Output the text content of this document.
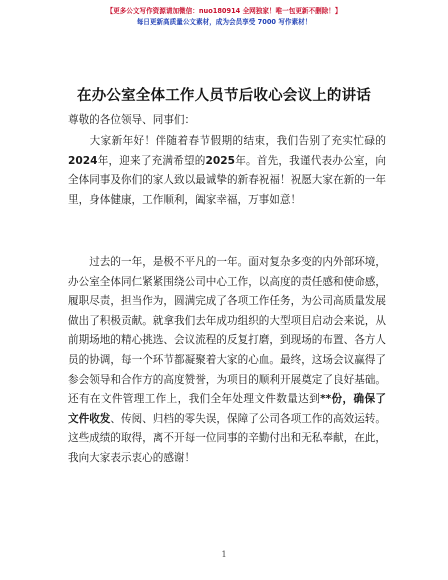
【更多公文写作资源请加微信：nuo180914 全网独家！唯一包更新不删除！】
每日更新高质量公文素材，成为会员享受 7000 写作素材！
在办公室全体工作人员节后收心会议上的讲话
尊敬的各位领导、同事们：
  大家新年好！伴随着春节假期的结束，我们告别了充实忙碌的2024年，迎来了充满希望的2025年。首先，我谨代表办公室，向全体同事及你们的家人致以最诚挚的新春祝福！祝愿大家在新的一年里，身体健康，工作顺利，阖家幸福，万事如意！
  过去的一年，是极不平凡的一年。面对复杂多变的内外部环境，办公室全体同仁紧紧围绕公司中心工作，以高度的责任感和使命感，履职尽责，担当作为，圆满完成了各项工作任务，为公司高质量发展做出了积极贡献。就拿我们去年成功组织的大型项目启动会来说，从前期场地的精心挑选、会议流程的反复打磨，到现场的布置、各方人员的协调，每一个环节都凝聚着大家的心血。最终，这场会议赢得了参会领导和合作方的高度赞誉，为项目的顺利开展奠定了良好基础。还有在文件管理工作上，我们全年处理文件数量达到**份，确保了文件收发、传阅、归档的零失误，保障了公司各项工作的高效运转。这些成绩的取得，离不开每一位同事的辛勤付出和无私奉献，在此，我向大家表示衷心的感谢！
1
